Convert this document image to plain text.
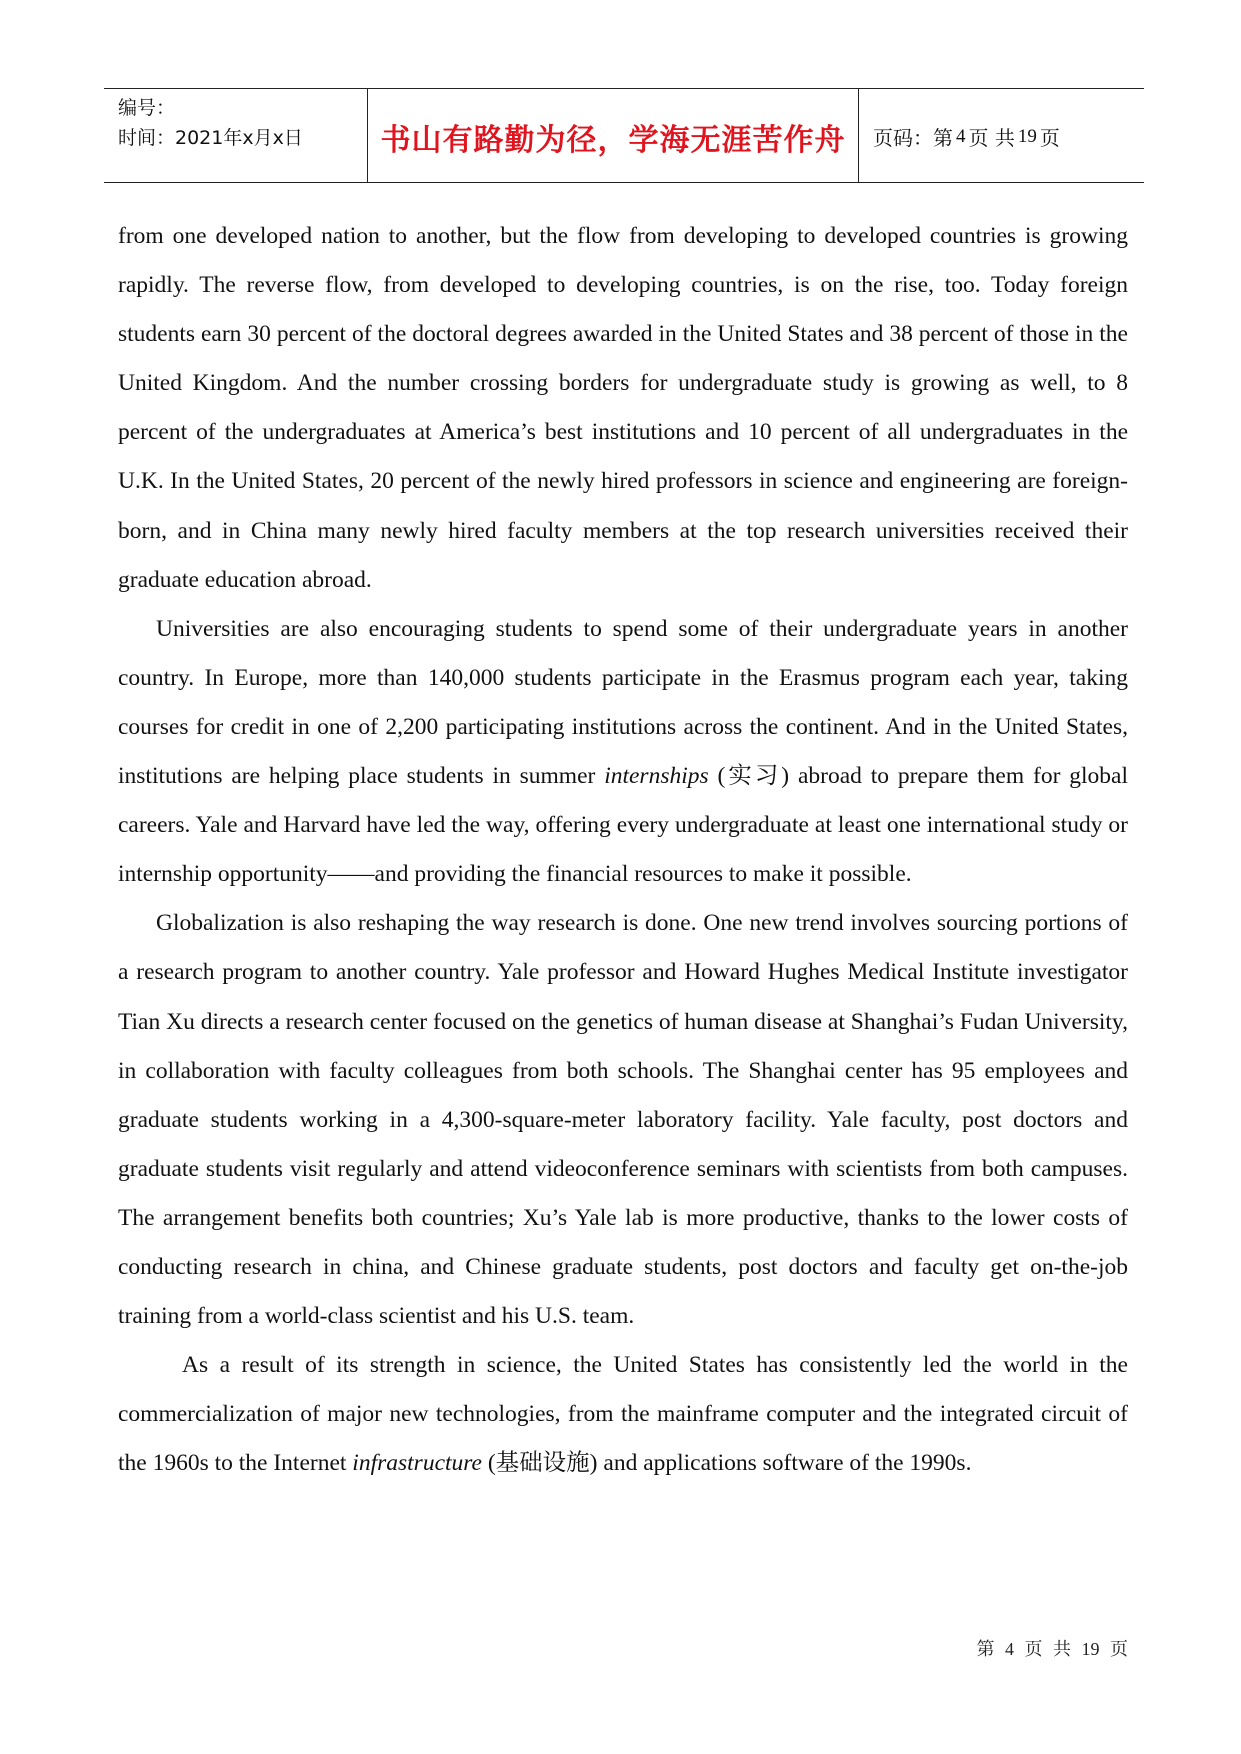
编号：
时间：2021年x月x日	书山有路勤为径，学海无涯苦作舟	页码：第 4 页 共 19 页

from one developed nation to another, but the flow from developing to developed countries is growing rapidly. The reverse flow, from developed to developing countries, is on the rise, too. Today foreign students earn 30 percent of the doctoral degrees awarded in the United States and 38 percent of those in the United Kingdom. And the number crossing borders for undergraduate study is growing as well, to 8 percent of the undergraduates at America’s best institutions and 10 percent of all undergraduates in the U.K. In the United States, 20 percent of the newly hired professors in science and engineering are foreign-born, and in China many newly hired faculty members at the top research universities received their graduate education abroad.

Universities are also encouraging students to spend some of their undergraduate years in another country. In Europe, more than 140,000 students participate in the Erasmus program each year, taking courses for credit in one of 2,200 participating institutions across the continent. And in the United States, institutions are helping place students in summer internships (实习) abroad to prepare them for global careers. Yale and Harvard have led the way, offering every undergraduate at least one international study or internship opportunity——and providing the financial resources to make it possible.

Globalization is also reshaping the way research is done. One new trend involves sourcing portions of a research program to another country. Yale professor and Howard Hughes Medical Institute investigator Tian Xu directs a research center focused on the genetics of human disease at Shanghai’s Fudan University, in collaboration with faculty colleagues from both schools. The Shanghai center has 95 employees and graduate students working in a 4,300-square-meter laboratory facility. Yale faculty, post doctors and graduate students visit regularly and attend videoconference seminars with scientists from both campuses. The arrangement benefits both countries; Xu’s Yale lab is more productive, thanks to the lower costs of conducting research in china, and Chinese graduate students, post doctors and faculty get on-the-job training from a world-class scientist and his U.S. team.

As a result of its strength in science, the United States has consistently led the world in the commercialization of major new technologies, from the mainframe computer and the integrated circuit of the 1960s to the Internet infrastructure (基础设施) and applications software of the 1990s.

第 4 页 共 19 页
